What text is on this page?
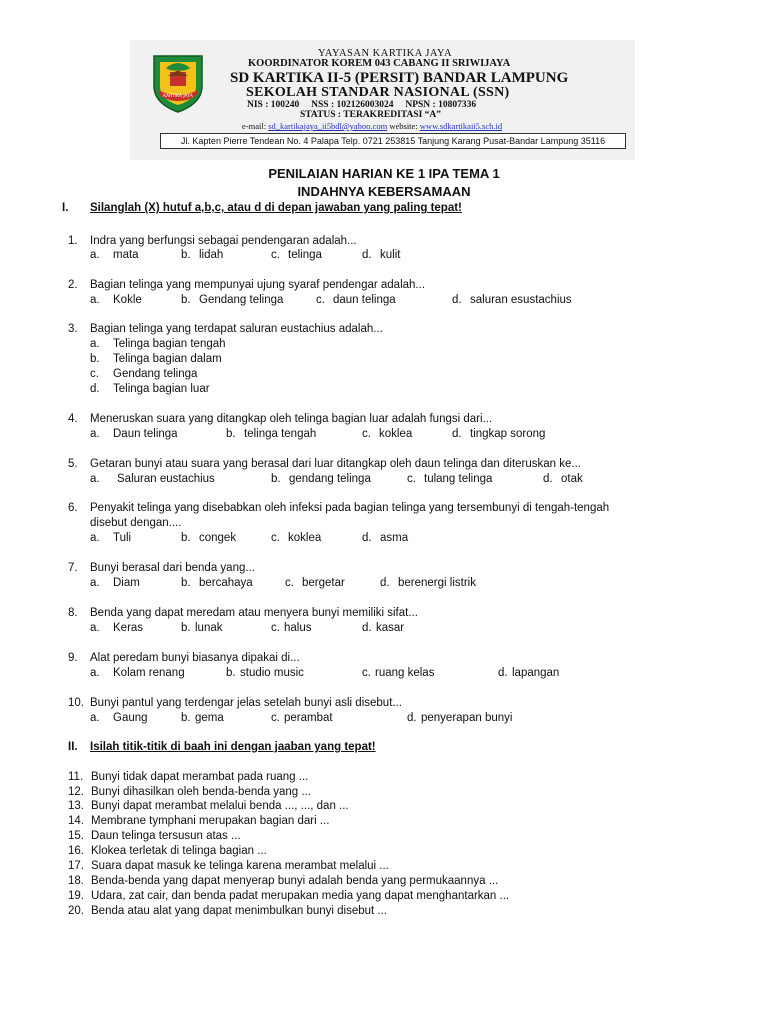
KARTIKA JAYA
YAYASAN KARTIKA JAYA
KOORDINATOR KOREM 043 CABANG II SRIWIJAYA
SD KARTIKA II-5 (PERSIT) BANDAR LAMPUNG
SEKOLAH STANDAR NASIONAL (SSN)
NIS : 100240 NSS : 102126003024 NPSN : 10807336
STATUS : TERAKREDITASI “A”
e-mail: sd_kartikajaya_ii5bdl@yahoo.com website: www.sdkartikaii5.sch.id
Jl. Kapten Pierre Tendean No. 4 Palapa Telp. 0721 253815 Tanjung Karang Pusat-Bandar Lampung 35116
PENILAIAN HARIAN KE 1 IPA TEMA 1
INDAHNYA KEBERSAMAAN
I. Silanglah (X) hutuf a,b,c, atau d di depan jawaban yang paling tepat!
1. Indra yang berfungsi sebagai pendengaran adalah...
a. mata	b. lidah	c. telinga	d. kulit
2. Bagian telinga yang mempunyai ujung syaraf pendengar adalah...
a. Kokle	b. Gendang telinga	c. daun telinga	d. saluran esustachius
3. Bagian telinga yang terdapat saluran eustachius adalah...
a. Telinga bagian tengah
b. Telinga bagian dalam
c. Gendang telinga
d. Telinga bagian luar
4. Meneruskan suara yang ditangkap oleh telinga bagian luar adalah fungsi dari...
a. Daun telinga	b. telinga tengah	c. koklea	d. tingkap sorong
5. Getaran bunyi atau suara yang berasal dari luar ditangkap oleh daun telinga dan diteruskan ke...
a. Saluran eustachius	b. gendang telinga	c. tulang telinga	d. otak
6. Penyakit telinga yang disebabkan oleh infeksi pada bagian telinga yang tersembunyi di tengah-tengah
disebut dengan....
a. Tuli	b. congek	c. koklea	d. asma
7. Bunyi berasal dari benda yang...
a. Diam	b. bercahaya	c. bergetar	d. berenergi listrik
8. Benda yang dapat meredam atau menyera bunyi memiliki sifat...
a. Keras	b. lunak	c. halus	d. kasar
9. Alat peredam bunyi biasanya dipakai di...
a. Kolam renang	b. studio music	c. ruang kelas	d. lapangan
10. Bunyi pantul yang terdengar jelas setelah bunyi asli disebut...
a. Gaung	b. gema	c. perambat	d. penyerapan bunyi
II. Isilah titik-titik di baah ini dengan jaaban yang tepat!
11. Bunyi tidak dapat merambat pada ruang ...
12. Bunyi dihasilkan oleh benda-benda yang ...
13. Bunyi dapat merambat melalui benda ..., ..., dan ...
14. Membrane tymphani merupakan bagian dari ...
15. Daun telinga tersusun atas ...
16. Klokea terletak di telinga bagian ...
17. Suara dapat masuk ke telinga karena merambat melalui ...
18. Benda-benda yang dapat menyerap bunyi adalah benda yang permukaannya ...
19. Udara, zat cair, dan benda padat merupakan media yang dapat menghantarkan ...
20. Benda atau alat yang dapat menimbulkan bunyi disebut ...
